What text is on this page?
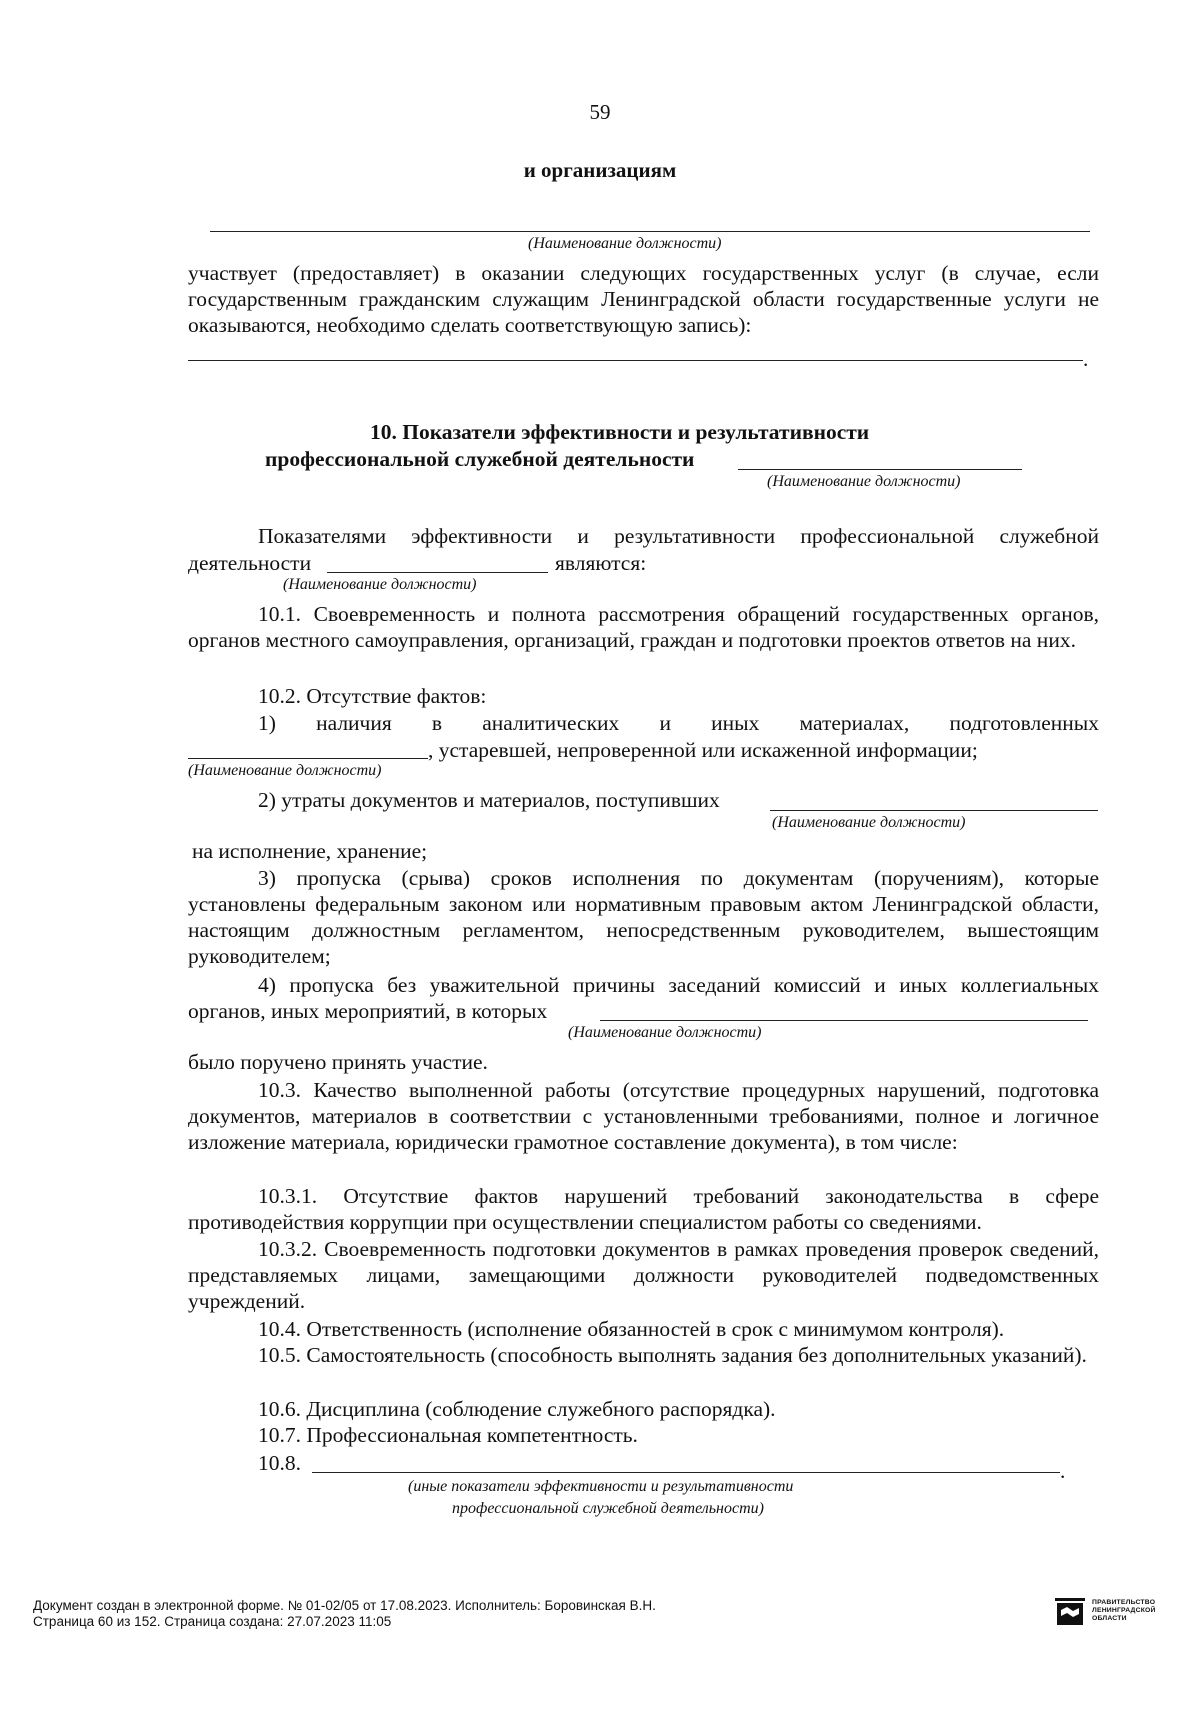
59
и организациям
(Наименование должности)
участвует (предоставляет) в оказании следующих государственных услуг (в случае, если государственным гражданским служащим Ленинградской области государственные услуги не оказываются, необходимо сделать соответствующую запись):
.
10. Показатели эффективности и результативности
профессиональной служебной деятельности
(Наименование должности)
Показателями эффективности и результативности профессиональной служебной
деятельности	являются:
(Наименование должности)
10.1. Своевременность и полнота рассмотрения обращений государственных органов, органов местного самоуправления, организаций, граждан и подготовки проектов ответов на них.
10.2. Отсутствие фактов:
1) наличия в аналитических и иных материалах, подготовленных
, устаревшей, непроверенной или искаженной информации;
(Наименование должности)
2) утраты документов и материалов, поступивших
(Наименование должности)
на исполнение, хранение;
3) пропуска (срыва) сроков исполнения по документам (поручениям), которые установлены федеральным законом или нормативным правовым актом Ленинградской области, настоящим должностным регламентом, непосредственным руководителем, вышестоящим руководителем;
4) пропуска без уважительной причины заседаний комиссий и иных коллегиальных
органов, иных мероприятий, в которых
(Наименование должности)
было поручено принять участие.
10.3. Качество выполненной работы (отсутствие процедурных нарушений, подготовка документов, материалов в соответствии с установленными требованиями, полное и логичное изложение материала, юридически грамотное составление документа), в том числе:
10.3.1. Отсутствие фактов нарушений требований законодательства в сфере противодействия коррупции при осуществлении специалистом работы со сведениями.
10.3.2. Своевременность подготовки документов в рамках проведения проверок сведений, представляемых лицами, замещающими должности руководителей подведомственных учреждений.
10.4. Ответственность (исполнение обязанностей в срок с минимумом контроля).
10.5. Самостоятельность (способность выполнять задания без дополнительных указаний).
10.6. Дисциплина (соблюдение служебного распорядка).
10.7. Профессиональная компетентность.
10.8.	.
(иные показатели эффективности и результативности
профессиональной служебной деятельности)
Документ создан в электронной форме. № 01-02/05 от 17.08.2023. Исполнитель: Боровинская В.Н.
Страница 60 из 152. Страница создана: 27.07.2023 11:05
ПРАВИТЕЛЬСТВО
ЛЕНИНГРАДСКОЙ
ОБЛАСТИ
